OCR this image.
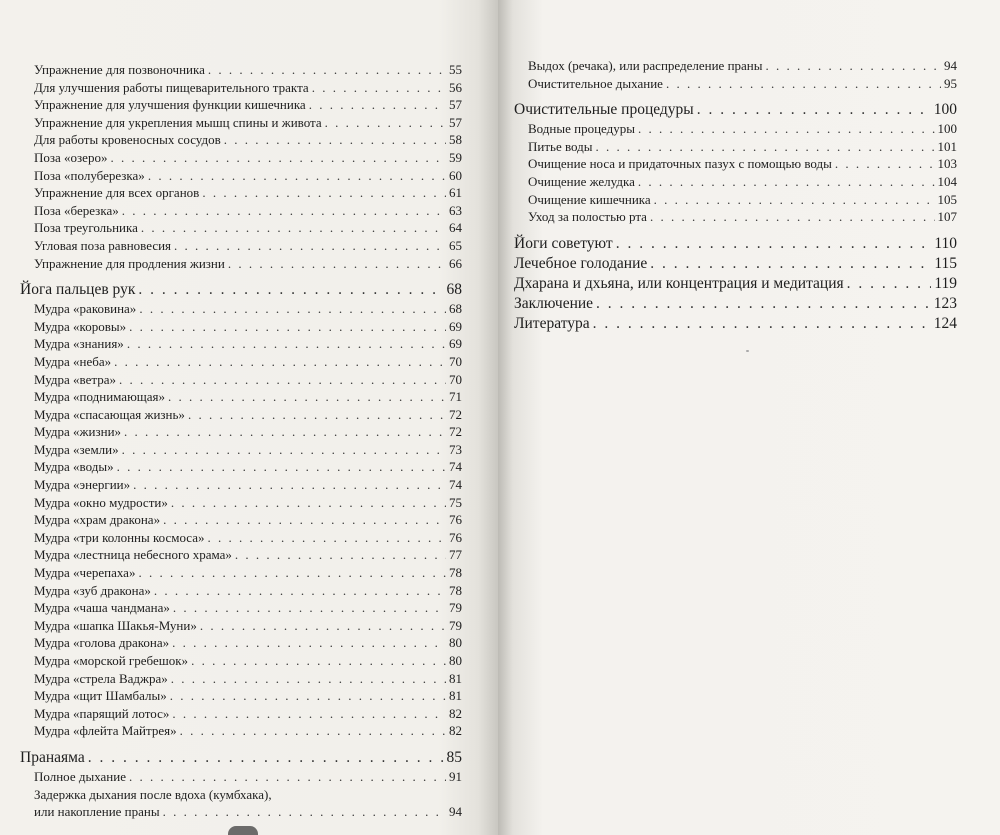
Упражнение для позвоночника . . .	55
Для улучшения работы пищеварительного тракта . . .	56
Упражнение для улучшения функции кишечника . . .	57
Упражнение для укрепления мышц спины и живота . . .	57
Для работы кровеносных сосудов . . .	58
Поза «озеро» . . .	59
Поза «полуберезка» . . .	60
Упражнение для всех органов . . .	61
Поза «березка» . . .	63
Поза треугольника . . .	64
Угловая поза равновесия . . .	65
Упражнение для продления жизни . . .	66
Йога пальцев рук . . .	68
Мудра «раковина» . . .	68
Мудра «коровы» . . .	69
Мудра «знания» . . .	69
Мудра «неба» . . .	70
Мудра «ветра» . . .	70
Мудра «поднимающая» . . .	71
Мудра «спасающая жизнь» . . .	72
Мудра «жизни» . . .	72
Мудра «земли» . . .	73
Мудра «воды» . . .	74
Мудра «энергии» . . .	74
Мудра «окно мудрости» . . .	75
Мудра «храм дракона» . . .	76
Мудра «три колонны космоса» . . .	76
Мудра «лестница небесного храма» . . .	77
Мудра «черепаха» . . .	78
Мудра «зуб дракона» . . .	78
Мудра «чаша чандмана» . . .	79
Мудра «шапка Шакья-Муни» . . .	79
Мудра «голова дракона» . . .	80
Мудра «морской гребешок» . . .	80
Мудра «стрела Ваджра» . . .	81
Мудра «щит Шамбалы» . . .	81
Мудра «парящий лотос» . . .	82
Мудра «флейта Майтрея» . . .	82
Пранаяма . . .	85
Полное дыхание . . .	91
Задержка дыхания после вдоха (кумбхака),
или накопление праны . . .	94
Выдох (речака), или распределение праны . . .	94
Очистительное дыхание . . .	95
Очистительные процедуры . . .	100
Водные процедуры . . .	100
Питье воды . . .	101
Очищение носа и придаточных пазух с помощью воды . . .	103
Очищение желудка . . .	104
Очищение кишечника . . .	105
Уход за полостью рта . . .	107
Йоги советуют . . .	110
Лечебное голодание . . .	115
Дхарана и дхьяна, или концентрация и медитация . . .	119
Заключение . . .	123
Литература . . .	124
